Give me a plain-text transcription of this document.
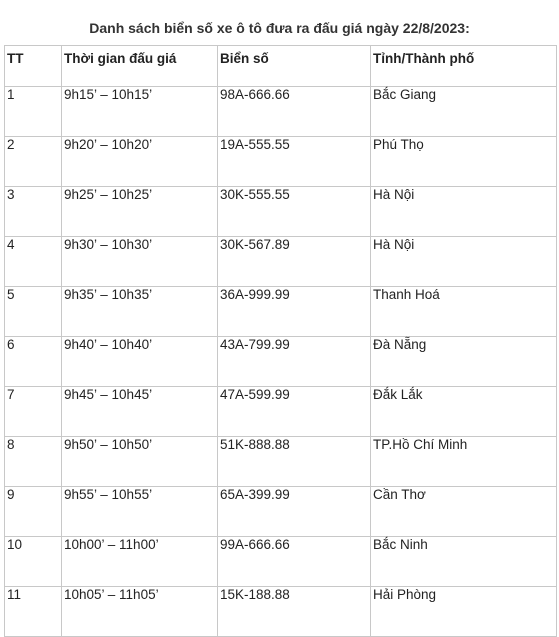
Danh sách biển số xe ô tô đưa ra đấu giá ngày 22/8/2023:
TT	Thời gian đấu giá	Biển số	Tỉnh/Thành phố
1	9h15’ – 10h15’	98A-666.66	Bắc Giang
2	9h20’ – 10h20’	19A-555.55	Phú Thọ
3	9h25’ – 10h25’	30K-555.55	Hà Nội
4	9h30’ – 10h30’	30K-567.89	Hà Nội
5	9h35’ – 10h35’	36A-999.99	Thanh Hoá
6	9h40’ – 10h40’	43A-799.99	Đà Nẵng
7	9h45’ – 10h45’	47A-599.99	Đắk Lắk
8	9h50’ – 10h50’	51K-888.88	TP.Hồ Chí Minh
9	9h55’ – 10h55’	65A-399.99	Cần Thơ
10	10h00’ – 11h00’	99A-666.66	Bắc Ninh
11	10h05’ – 11h05’	15K-188.88	Hải Phòng
